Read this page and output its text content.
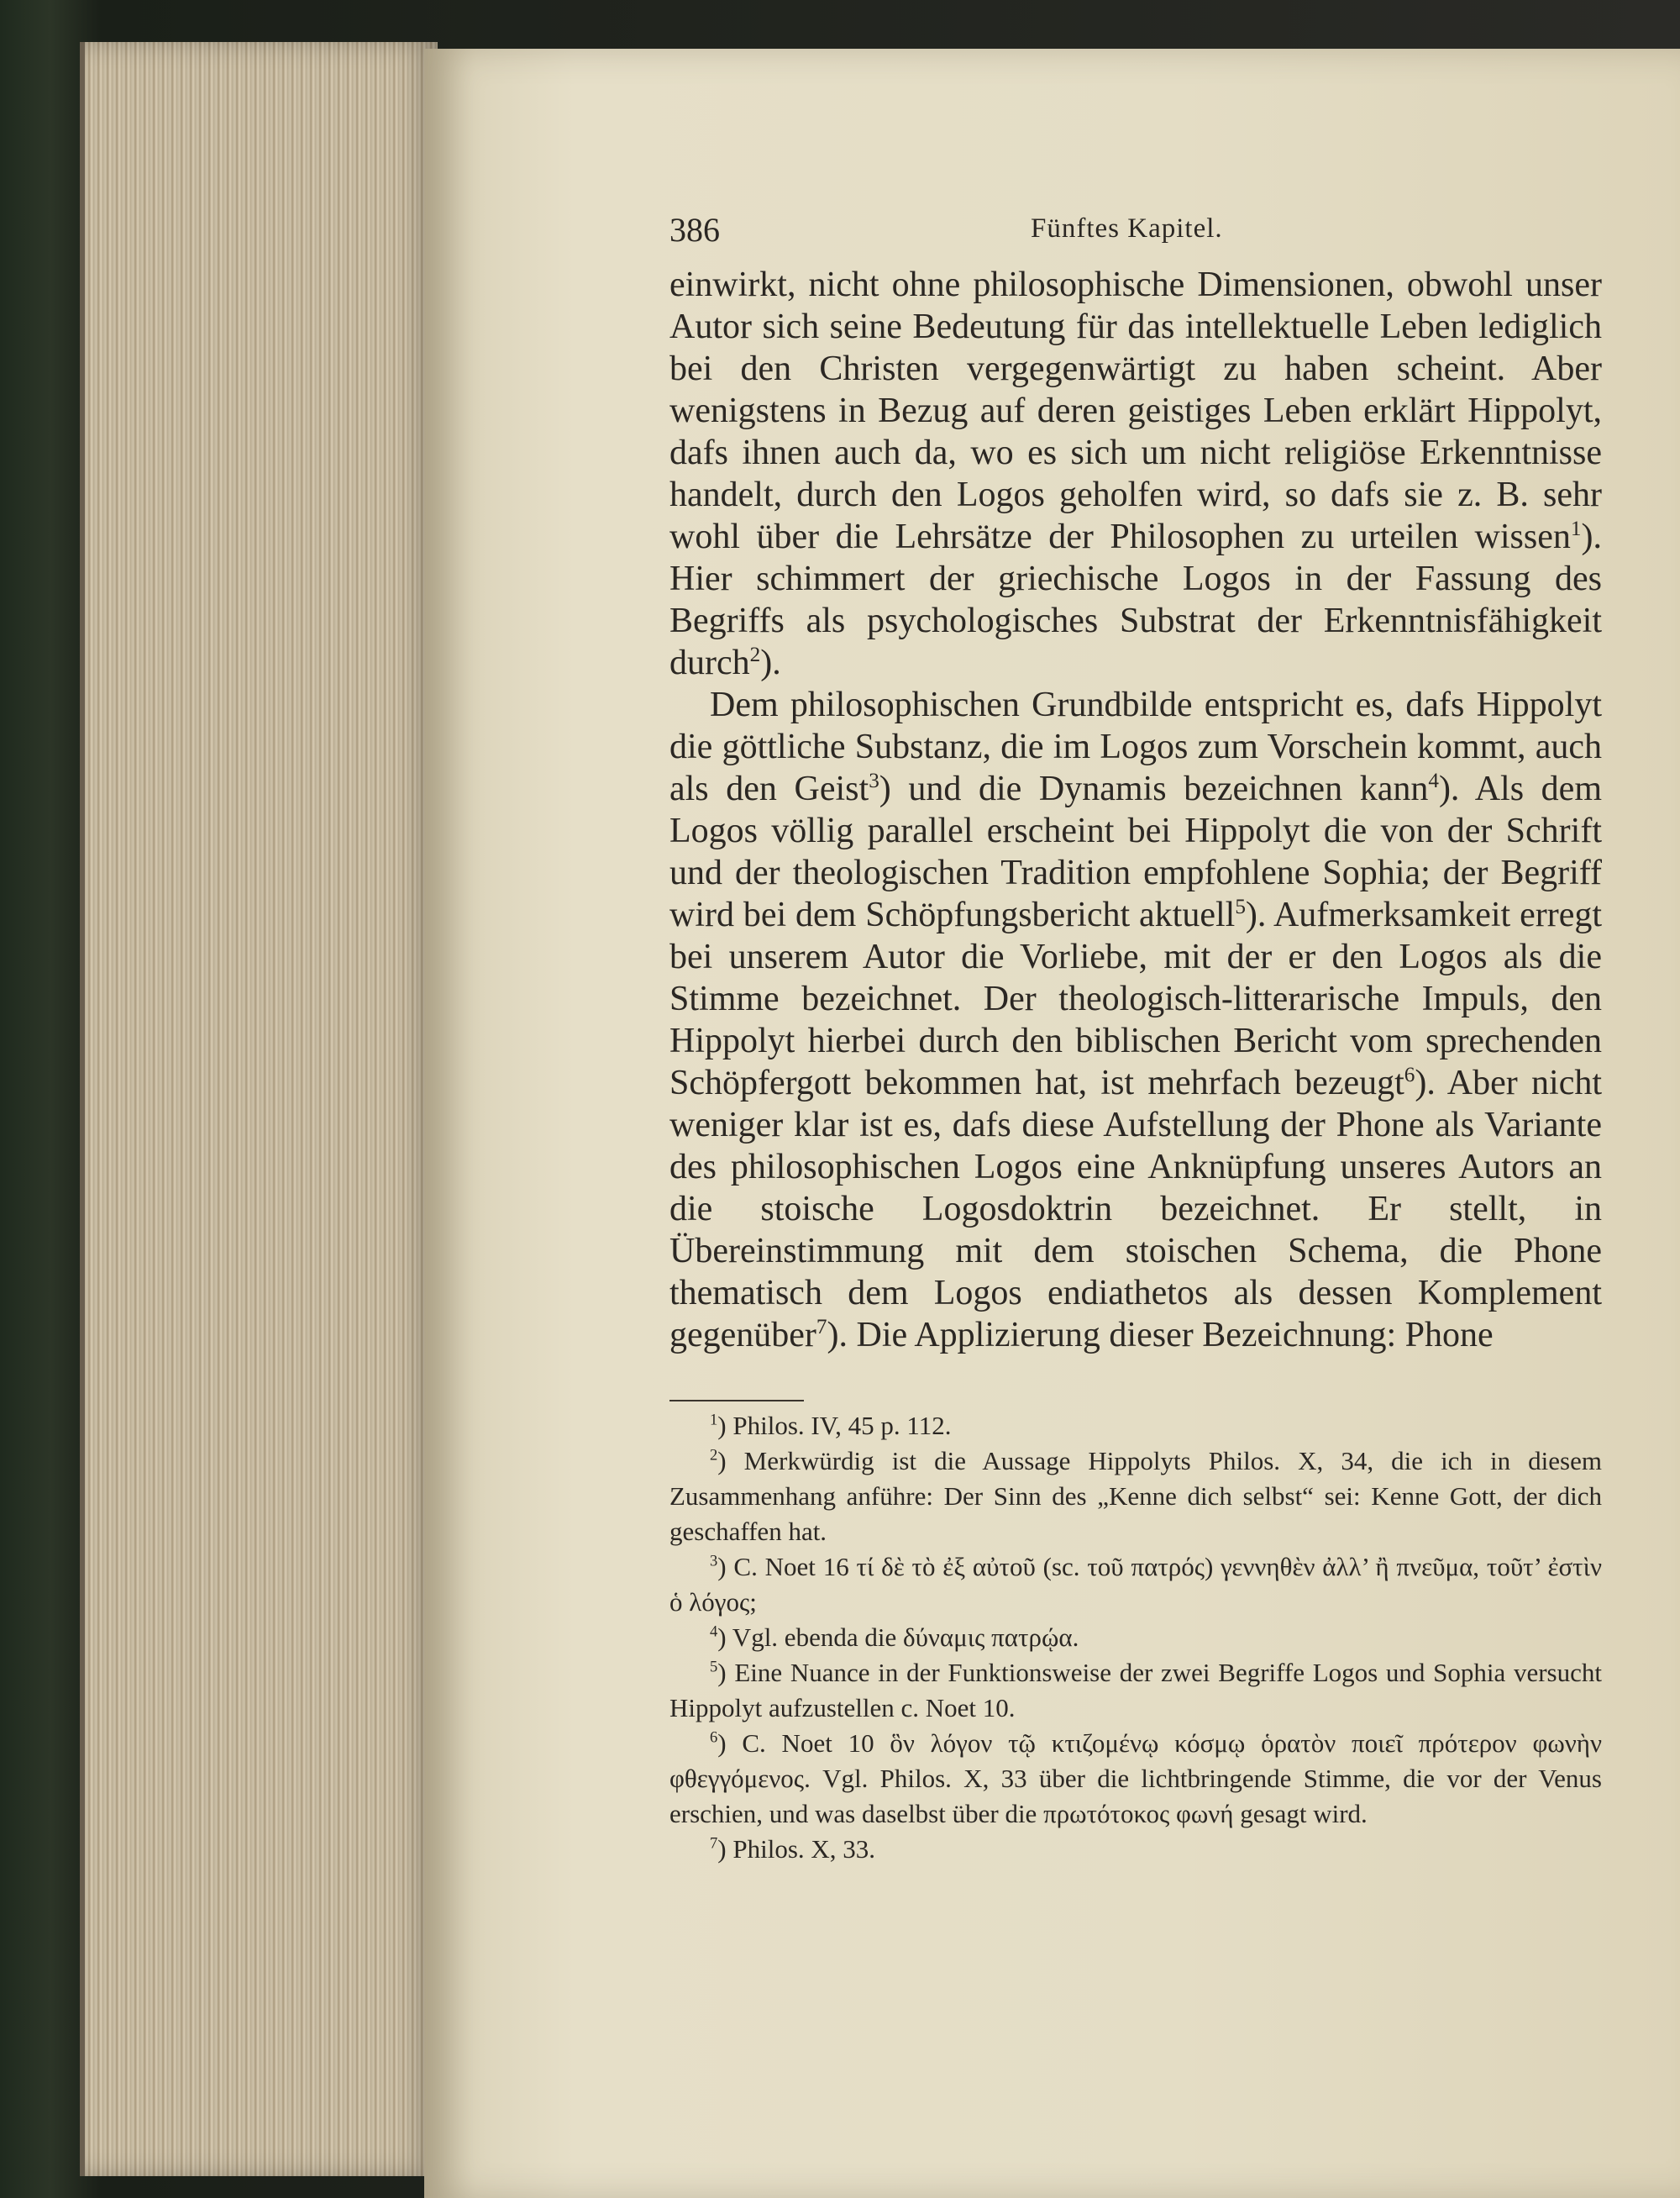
386	Fünftes Kapitel.

einwirkt, nicht ohne philosophische Dimensionen, obwohl unser Autor sich seine Bedeutung für das intellektuelle Leben lediglich bei den Christen vergegenwärtigt zu haben scheint. Aber wenigstens in Bezug auf deren geistiges Leben erklärt Hippolyt, dafs ihnen auch da, wo es sich um nicht religiöse Erkenntnisse handelt, durch den Logos geholfen wird, so dafs sie z. B. sehr wohl über die Lehrsätze der Philosophen zu urteilen wissen$^1$). Hier schimmert der griechische Logos in der Fassung des Begriffs als psychologisches Substrat der Erkenntnisfähigkeit durch$^2$).

Dem philosophischen Grundbilde entspricht es, dafs Hippolyt die göttliche Substanz, die im Logos zum Vorschein kommt, auch als den Geist$^3$) und die Dynamis bezeichnen kann$^4$). Als dem Logos völlig parallel erscheint bei Hippolyt die von der Schrift und der theologischen Tradition empfohlene Sophia; der Begriff wird bei dem Schöpfungsbericht aktuell$^5$). Aufmerksamkeit erregt bei unserem Autor die Vorliebe, mit der er den Logos als die Stimme bezeichnet. Der theologisch-litterarische Impuls, den Hippolyt hierbei durch den biblischen Bericht vom sprechenden Schöpfergott bekommen hat, ist mehrfach bezeugt$^6$). Aber nicht weniger klar ist es, dafs diese Aufstellung der Phone als Variante des philosophischen Logos eine Anknüpfung unseres Autors an die stoische Logosdoktrin bezeichnet. Er stellt, in Übereinstimmung mit dem stoischen Schema, die Phone thematisch dem Logos endiathetos als dessen Komplement gegenüber$^7$). Die Applizierung dieser Bezeichnung: Phone

$^1$) Philos. IV, 45 p. 112.

$^2$) Merkwürdig ist die Aussage Hippolyts Philos. X, 34, die ich in diesem Zusammenhang anführe: Der Sinn des „Kenne dich selbst“ sei: Kenne Gott, der dich geschaffen hat.

$^3$) C. Noet 16 τί δὲ τὸ ἐξ αὐτοῦ (sc. τοῦ πατρός) γεννηθὲν ἀλλ’ ἢ πνεῦμα, τοῦτ’ ἐστὶν ὁ λόγος;

$^4$) Vgl. ebenda die δύναμις πατρῴα.

$^5$) Eine Nuance in der Funktionsweise der zwei Begriffe Logos und Sophia versucht Hippolyt aufzustellen c. Noet 10.

$^6$) C. Noet 10 ὃν λόγον τῷ κτιζομένῳ κόσμῳ ὁρατὸν ποιεῖ πρότερον φωνὴν φθεγγόμενος. Vgl. Philos. X, 33 über die lichtbringende Stimme, die vor der Venus erschien, und was daselbst über die πρωτότοκος φωνή gesagt wird.

$^7$) Philos. X, 33.
